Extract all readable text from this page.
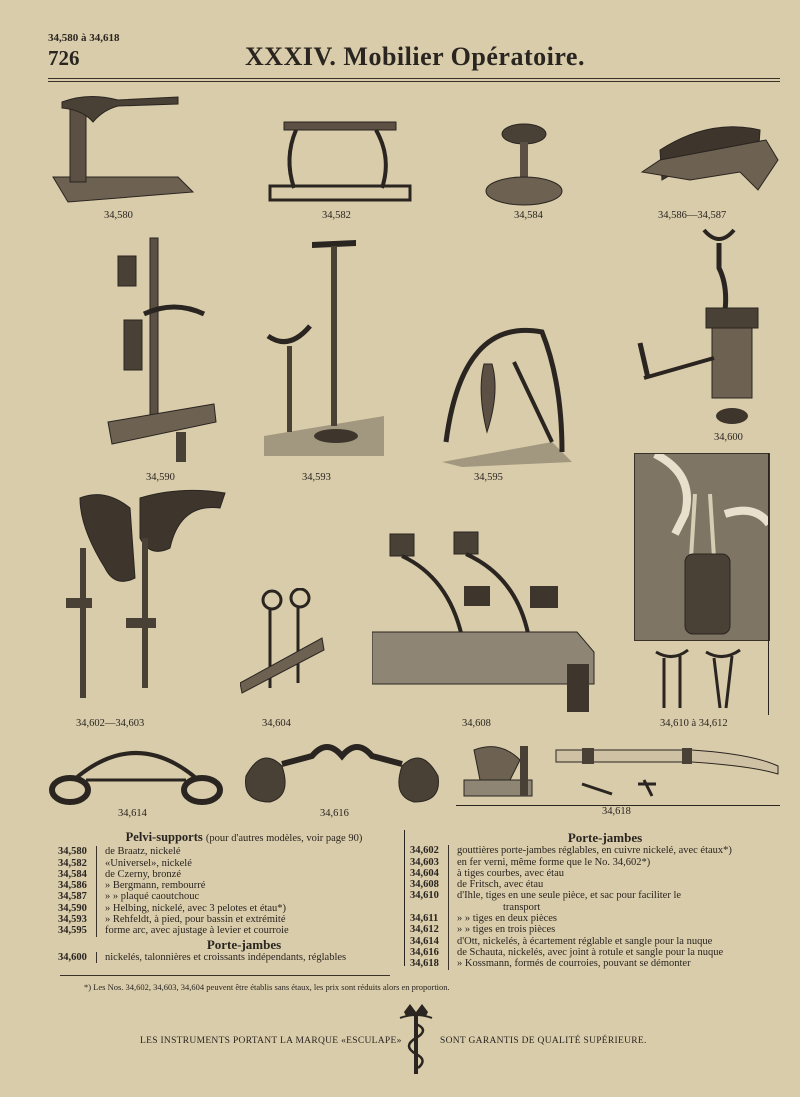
34,580 à 34,618
726	XXXIV. Mobilier Opératoire.
34,580	34,582	34,584	34,586—34,587
34,590	34,593	34,595
34,600
34,602—34,603	34,604	34,608	34,610 à 34,612
34,614	34,616	34,618
Pelvi-supports (pour d'autres modèles, voir page 90)
34,580	de Braatz, nickelé
34,582	«Universel», nickelé
34,584	de Czerny, bronzé
34,586	» Bergmann, rembourré
34,587	» » plaqué caoutchouc
34,590	» Helbing, nickelé, avec 3 pelotes et étau*)
34,593	» Rehfeldt, à pied, pour bassin et extrémité
34,595	forme arc, avec ajustage à levier et courroie
Porte-jambes
34,600	nickelés, talonnières et croissants indépendants, réglables
Porte-jambes
34,602	gouttières porte-jambes réglables, en cuivre nickelé, avec étaux*)
34,603	en fer verni, même forme que le No. 34,602*)
34,604	à tiges courbes, avec étau
34,608	de Fritsch, avec étau
34,610	d'Ihle, tiges en une seule pièce, et sac pour faciliter le
transport
34,611	» » tiges en deux pièces
34,612	» » tiges en trois pièces
34,614	d'Ott, nickelés, à écartement réglable et sangle pour la nuque
34,616	de Schauta, nickelés, avec joint à rotule et sangle pour la nuque
34,618	» Kossmann, formés de courroies, pouvant se démonter
*) Les Nos. 34,602, 34,603, 34,604 peuvent être établis sans étaux, les prix sont réduits alors en proportion.
LES INSTRUMENTS PORTANT LA MARQUE «ESCULAPE»	SONT GARANTIS DE QUALITÉ SUPÉRIEURE.
